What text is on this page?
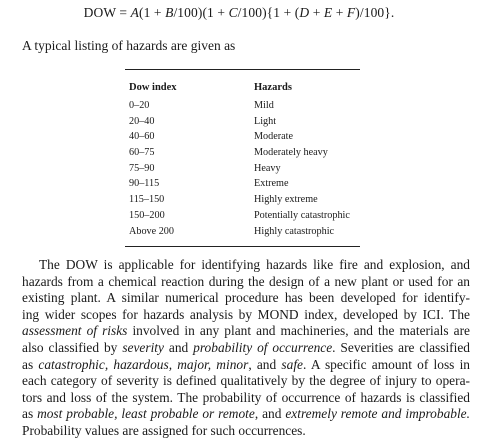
DOW = A(1 + B/100)(1 + C/100){1 + (D + E + F)/100}.
A typical listing of hazards are given as
Dow index	Hazards
0–20	Mild
20–40	Light
40–60	Moderate
60–75	Moderately heavy
75–90	Heavy
90–115	Extreme
115–150	Highly extreme
150–200	Potentially catastrophic
Above 200	Highly catastrophic
The DOW is applicable for identifying hazards like fire and explosion, and
hazards from a chemical reaction during the design of a new plant or used for an
existing plant. A similar numerical procedure has been developed for identify-
ing wider scopes for hazards analysis by MOND index, developed by ICI. The
assessment of risks involved in any plant and machineries, and the materials are
also classified by severity and probability of occurrence. Severities are classified
as catastrophic, hazardous, major, minor, and safe. A specific amount of loss in
each category of severity is defined qualitatively by the degree of injury to opera-
tors and loss of the system. The probability of occurrence of hazards is classified
as most probable, least probable or remote, and extremely remote and improbable.
Probability values are assigned for such occurrences.
